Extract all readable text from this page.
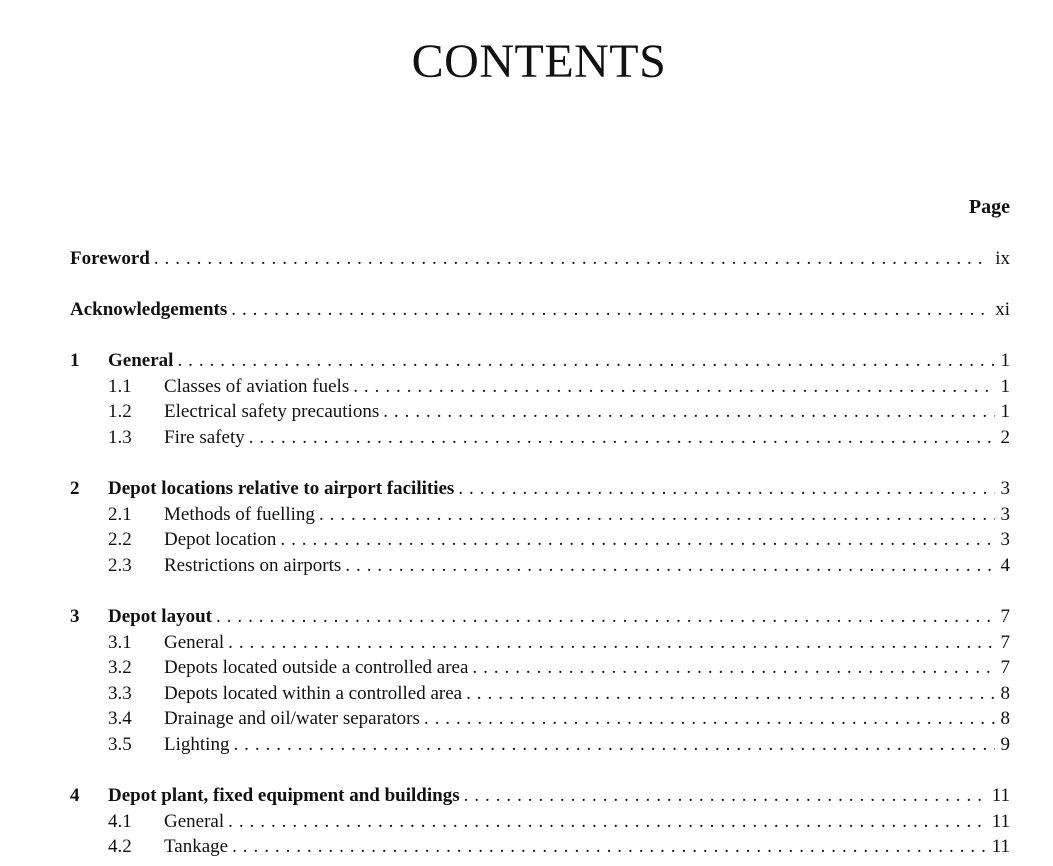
CONTENTS
Page
Foreword . . .	ix
Acknowledgements . . .	xi
1	General . . .	1
1.1	Classes of aviation fuels . . .	1
1.2	Electrical safety precautions . . .	1
1.3	Fire safety . . .	2
2	Depot locations relative to airport facilities . . .	3
2.1	Methods of fuelling . . .	3
2.2	Depot location . . .	3
2.3	Restrictions on airports . . .	4
3	Depot layout . . .	7
3.1	General . . .	7
3.2	Depots located outside a controlled area . . .	7
3.3	Depots located within a controlled area . . .	8
3.4	Drainage and oil/water separators . . .	8
3.5	Lighting . . .	9
4	Depot plant, fixed equipment and buildings . . .	11
4.1	General . . .	11
4.2	Tankage . . .	11
